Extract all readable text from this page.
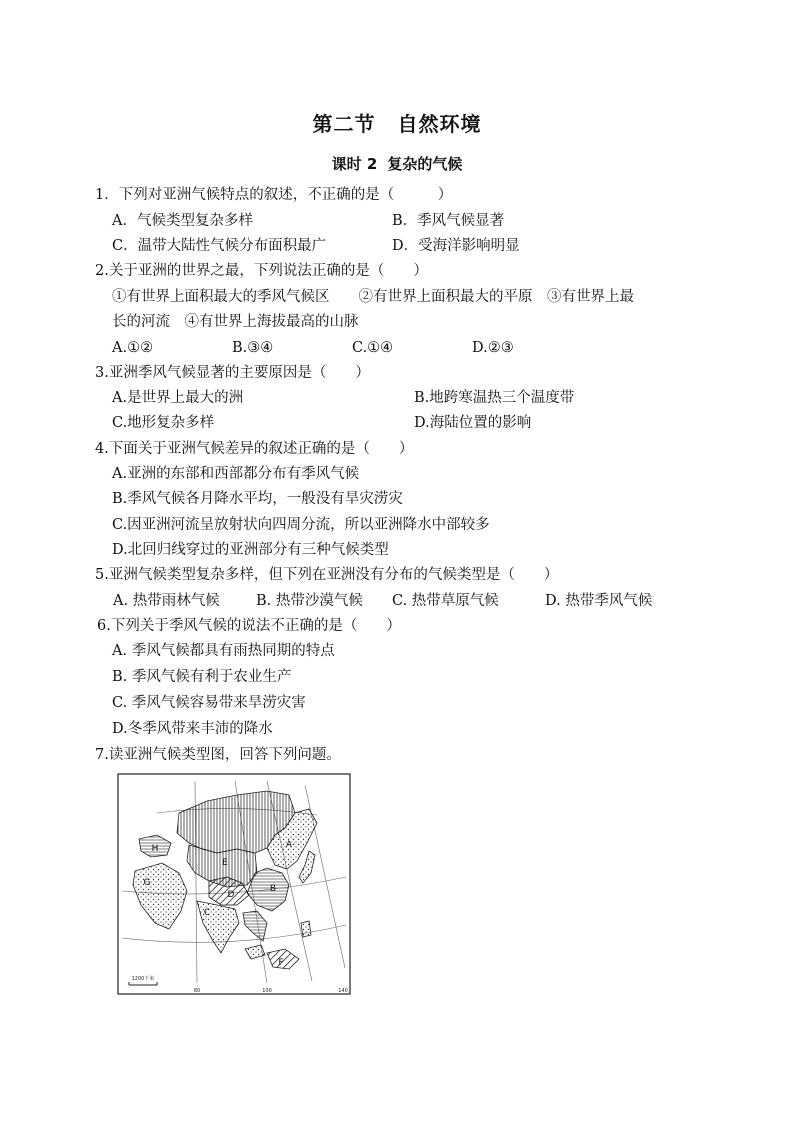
第二节 自然环境
课时 2 复杂的气候
1．下列对亚洲气候特点的叙述，不正确的是（　　　）
A．气候类型复杂多样	B．季风气候显著
C．温带大陆性气候分布面积最广	D．受海洋影响明显
2.关于亚洲的世界之最，下列说法正确的是（　　）
①有世界上面积最大的季风气候区　　②有世界上面积最大的平原　③有世界上最
长的河流　④有世界上海拔最高的山脉
A.①②	B.③④	C.①④	D.②③
3.亚洲季风气候显著的主要原因是（　　）
A.是世界上最大的洲	B.地跨寒温热三个温度带
C.地形复杂多样	D.海陆位置的影响
4.下面关于亚洲气候差异的叙述正确的是（　　）
A.亚洲的东部和西部都分布有季风气候
B.季风气候各月降水平均，一般没有旱灾涝灾
C.因亚洲河流呈放射状向四周分流，所以亚洲降水中部较多
D.北回归线穿过的亚洲部分有三种气候类型
5.亚洲气候类型复杂多样，但下列在亚洲没有分布的气候类型是（　　）
A. 热带雨林气候	B. 热带沙漠气候 C. 热带草原气候	D. 热带季风气候
6.下列关于季风气候的说法不正确的是（　　）
A. 季风气候都具有雨热同期的特点
B. 季风气候有利于农业生产
C. 季风气候容易带来旱涝灾害
D.冬季风带来丰沛的降水
7.读亚洲气候类型图，回答下列问题。
A
B
C
D
E
F
G
H
1200千米
80	100	140
